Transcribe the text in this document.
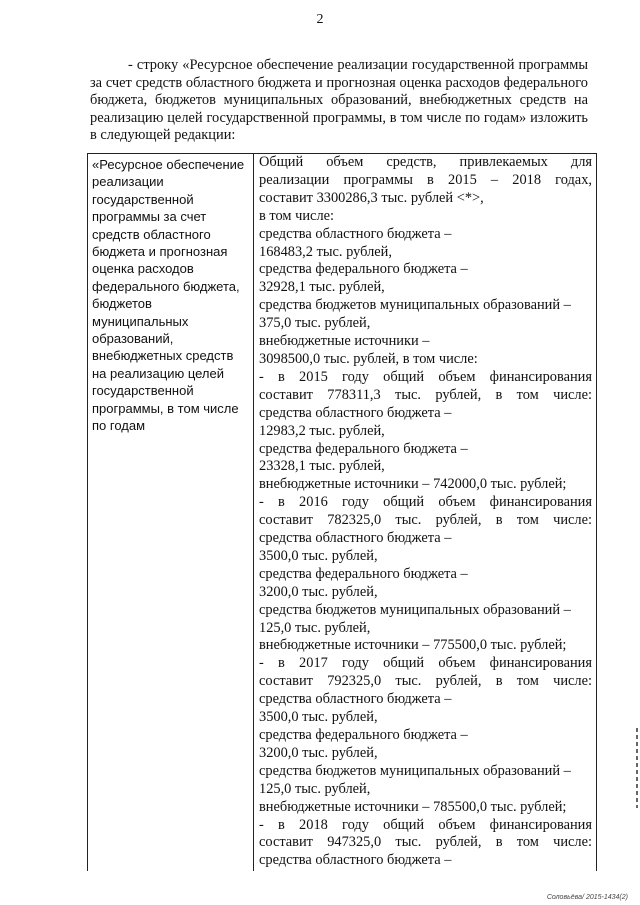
2
- строку «Ресурсное обеспечение реализации государственной программы за счет средств областного бюджета и прогнозная оценка расходов федерального бюджета, бюджетов муниципальных образований, внебюджетных средств на реализацию целей государственной программы, в том числе по годам» изложить в следующей редакции:
«Ресурсное обеспечение
реализации
государственной
программы за счет
средств областного
бюджета и прогнозная
оценка расходов
федерального бюджета,
бюджетов
муниципальных
образований,
внебюджетных средств
на реализацию целей
государственной
программы, в том числе
по годам
Общий объем средств, привлекаемых для
реализации программы в 2015 – 2018 годах,
составит 3300286,3 тыс. рублей <*>,
в том числе:
средства областного бюджета –
168483,2 тыс. рублей,
средства федерального бюджета –
32928,1 тыс. рублей,
средства бюджетов муниципальных образований –
375,0 тыс. рублей,
внебюджетные источники –
3098500,0 тыс. рублей, в том числе:
- в 2015 году общий объем финансирования
составит 778311,3 тыс. рублей, в том числе:
средства областного бюджета –
12983,2 тыс. рублей,
средства федерального бюджета –
23328,1 тыс. рублей,
внебюджетные источники – 742000,0 тыс. рублей;
- в 2016 году общий объем финансирования
составит 782325,0 тыс. рублей, в том числе:
средства областного бюджета –
3500,0 тыс. рублей,
средства федерального бюджета –
3200,0 тыс. рублей,
средства бюджетов муниципальных образований –
125,0 тыс. рублей,
внебюджетные источники – 775500,0 тыс. рублей;
- в 2017 году общий объем финансирования
составит 792325,0 тыс. рублей, в том числе:
средства областного бюджета –
3500,0 тыс. рублей,
средства федерального бюджета –
3200,0 тыс. рублей,
средства бюджетов муниципальных образований –
125,0 тыс. рублей,
внебюджетные источники – 785500,0 тыс. рублей;
- в 2018 году общий объем финансирования
составит 947325,0 тыс. рублей, в том числе:
средства областного бюджета –
Соловьёва/ 2015-1434(2)
